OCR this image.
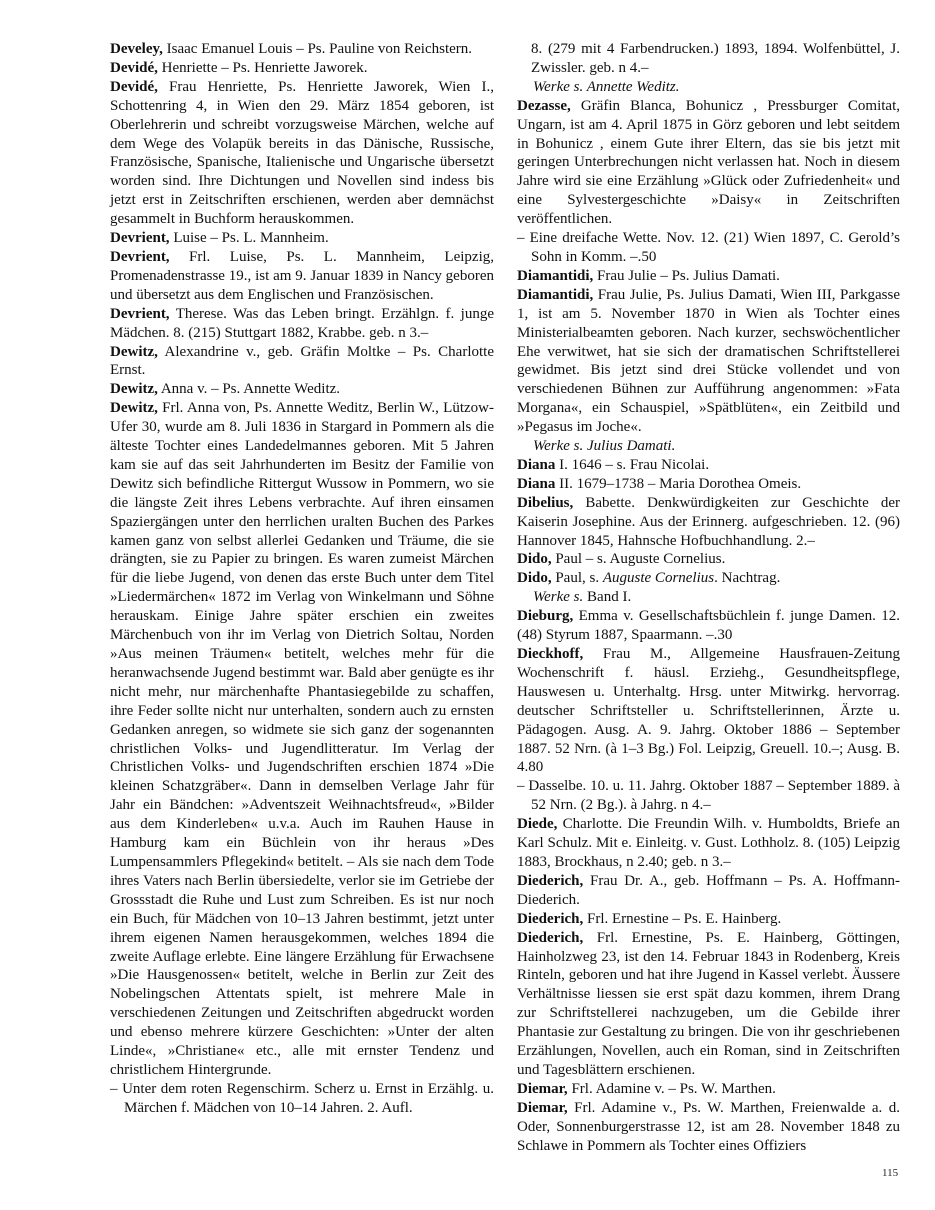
Develey, Isaac Emanuel Louis – Ps. Pauline von Reichstern.

Devidé, Henriette – Ps. Henriette Jaworek.

Devidé, Frau Henriette, Ps. Henriette Jaworek, Wien I., Schottenring 4, in Wien den 29. März 1854 geboren, ist Oberlehrerin und schreibt vorzugsweise Märchen, welche auf dem Wege des Volapük bereits in das Dänische, Russische, Französische, Spanische, Italienische und Ungarische übersetzt worden sind. Ihre Dichtungen und Novellen sind indess bis jetzt erst in Zeitschriften erschienen, werden aber demnächst gesammelt in Buchform herauskommen.

Devrient, Luise – Ps. L. Mannheim.

Devrient, Frl. Luise, Ps. L. Mannheim, Leipzig, Promenadenstrasse 19., ist am 9. Januar 1839 in Nancy geboren und übersetzt aus dem Englischen und Französischen.

Devrient, Therese. Was das Leben bringt. Erzählgn. f. junge Mädchen. 8. (215) Stuttgart 1882, Krabbe. geb. n 3.–

Dewitz, Alexandrine v., geb. Gräfin Moltke – Ps. Charlotte Ernst.

Dewitz, Anna v. – Ps. Annette Weditz.

Dewitz, Frl. Anna von, Ps. Annette Weditz, Berlin W., Lützow-Ufer 30, wurde am 8. Juli 1836 in Stargard in Pommern als die älteste Tochter eines Landedelmannes geboren. Mit 5 Jahren kam sie auf das seit Jahrhunderten im Besitz der Familie von Dewitz sich befindliche Rittergut Wussow in Pommern, wo sie die längste Zeit ihres Lebens verbrachte. Auf ihren einsamen Spaziergängen unter den herrlichen uralten Buchen des Parkes kamen ganz von selbst allerlei Gedanken und Träume, die sie drängten, sie zu Papier zu bringen. Es waren zumeist Märchen für die liebe Jugend, von denen das erste Buch unter dem Titel »Liedermärchen« 1872 im Verlag von Winkelmann und Söhne herauskam. Einige Jahre später erschien ein zweites Märchenbuch von ihr im Verlag von Dietrich Soltau, Norden »Aus meinen Träumen« betitelt, welches mehr für die heranwachsende Jugend bestimmt war. Bald aber genügte es ihr nicht mehr, nur märchenhafte Phantasiegebilde zu schaffen, ihre Feder sollte nicht nur unterhalten, sondern auch zu ernsten Gedanken anregen, so widmete sie sich ganz der sogenannten christlichen Volks- und Jugendlitteratur. Im Verlag der Christlichen Volks- und Jugendschriften erschien 1874 »Die kleinen Schatzgräber«. Dann in demselben Verlage Jahr für Jahr ein Bändchen: »Adventszeit Weihnachtsfreud«, »Bilder aus dem Kinderleben« u.v.a. Auch im Rauhen Hause in Hamburg kam ein Büchlein von ihr heraus »Des Lumpensammlers Pflegekind« betitelt. – Als sie nach dem Tode ihres Vaters nach Berlin übersiedelte, verlor sie im Getriebe der Grossstadt die Ruhe und Lust zum Schreiben. Es ist nur noch ein Buch, für Mädchen von 10–13 Jahren bestimmt, jetzt unter ihrem eigenen Namen herausgekommen, welches 1894 die zweite Auflage erlebte. Eine längere Erzählung für Erwachsene »Die Hausgenossen« betitelt, welche in Berlin zur Zeit des Nobelingschen Attentats spielt, ist mehrere Male in verschiedenen Zeitungen und Zeitschriften abgedruckt worden und ebenso mehrere kürzere Geschichten: »Unter der alten Linde«, »Christiane« etc., alle mit ernster Tendenz und christlichem Hintergrunde.

– Unter dem roten Regenschirm. Scherz u. Ernst in Erzählg. u. Märchen f. Mädchen von 10–14 Jahren. 2. Aufl.

8. (279 mit 4 Farbendrucken.) 1893, 1894. Wolfenbüttel, J. Zwissler. geb. n 4.–

Werke s. Annette Weditz.

Dezasse, Gräfin Blanca, Bohunicz , Pressburger Comitat, Ungarn, ist am 4. April 1875 in Görz geboren und lebt seitdem in Bohunicz , einem Gute ihrer Eltern, das sie bis jetzt mit geringen Unterbrechungen nicht verlassen hat. Noch in diesem Jahre wird sie eine Erzählung »Glück oder Zufriedenheit« und eine Sylvestergeschichte »Daisy« in Zeitschriften veröffentlichen.

– Eine dreifache Wette. Nov. 12. (21) Wien 1897, C. Gerold’s Sohn in Komm. –.50

Diamantidi, Frau Julie – Ps. Julius Damati.

Diamantidi, Frau Julie, Ps. Julius Damati, Wien III, Parkgasse 1, ist am 5. November 1870 in Wien als Tochter eines Ministerialbeamten geboren. Nach kurzer, sechswöchentlicher Ehe verwitwet, hat sie sich der dramatischen Schriftstellerei gewidmet. Bis jetzt sind drei Stücke vollendet und von verschiedenen Bühnen zur Aufführung angenommen: »Fata Morgana«, ein Schauspiel, »Spätblüten«, ein Zeitbild und »Pegasus im Joche«.

Werke s. Julius Damati.

Diana I. 1646 – s. Frau Nicolai.

Diana II. 1679–1738 – Maria Dorothea Omeis.

Dibelius, Babette. Denkwürdigkeiten zur Geschichte der Kaiserin Josephine. Aus der Erinnerg. aufgeschrieben. 12. (96) Hannover 1845, Hahnsche Hofbuchhandlung. 2.–

Dido, Paul – s. Auguste Cornelius.

Dido, Paul, s. Auguste Cornelius. Nachtrag.

Werke s. Band I.

Dieburg, Emma v. Gesellschaftsbüchlein f. junge Damen. 12. (48) Styrum 1887, Spaarmann. –.30

Dieckhoff, Frau M., Allgemeine Hausfrauen-Zeitung Wochenschrift f. häusl. Erziehg., Gesundheitspflege, Hauswesen u. Unterhaltg. Hrsg. unter Mitwirkg. hervorrag. deutscher Schriftsteller u. Schriftstellerinnen, Ärzte u. Pädagogen. Ausg. A. 9. Jahrg. Oktober 1886 – September 1887. 52 Nrn. (à 1–3 Bg.) Fol. Leipzig, Greuell. 10.–; Ausg. B. 4.80

– Dasselbe. 10. u. 11. Jahrg. Oktober 1887 – September 1889. à 52 Nrn. (2 Bg.). à Jahrg. n 4.–

Diede, Charlotte. Die Freundin Wilh. v. Humboldts, Briefe an Karl Schulz. Mit e. Einleitg. v. Gust. Lothholz. 8. (105) Leipzig 1883, Brockhaus, n 2.40; geb. n 3.–

Diederich, Frau Dr. A., geb. Hoffmann – Ps. A. Hoffmann-Diederich.

Diederich, Frl. Ernestine – Ps. E. Hainberg.

Diederich, Frl. Ernestine, Ps. E. Hainberg, Göttingen, Hainholzweg 23, ist den 14. Februar 1843 in Rodenberg, Kreis Rinteln, geboren und hat ihre Jugend in Kassel verlebt. Äussere Verhältnisse liessen sie erst spät dazu kommen, ihrem Drang zur Schriftstellerei nachzugeben, um die Gebilde ihrer Phantasie zur Gestaltung zu bringen. Die von ihr geschriebenen Erzählungen, Novellen, auch ein Roman, sind in Zeitschriften und Tagesblättern erschienen.

Diemar, Frl. Adamine v. – Ps. W. Marthen.

Diemar, Frl. Adamine v., Ps. W. Marthen, Freienwalde a. d. Oder, Sonnenburgerstrasse 12, ist am 28. November 1848 zu Schlawe in Pommern als Tochter eines Offiziers

115
